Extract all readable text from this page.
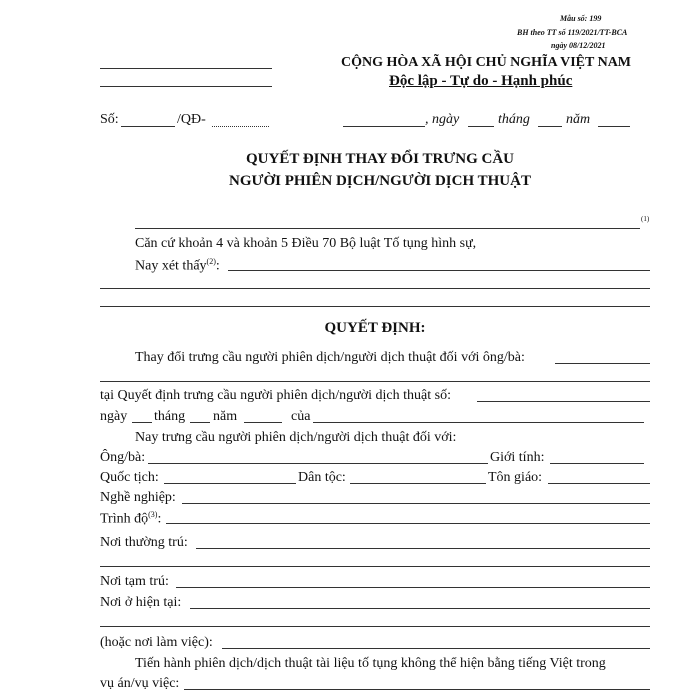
Mẫu số: 199
BH theo TT số 119/2021/TT-BCA
ngày 08/12/2021
CỘNG HÒA XÃ HỘI CHỦ NGHĨA VIỆT NAM
Độc lập - Tự do - Hạnh phúc
Số:	/QĐ-	, ngày	tháng	năm
QUYẾT ĐỊNH THAY ĐỔI TRƯNG CẦU
NGƯỜI PHIÊN DỊCH/NGƯỜI DỊCH THUẬT
(1)
Căn cứ khoản 4 và khoản 5 Điều 70 Bộ luật Tố tụng hình sự,
Nay xét thấy$^{(2)}$:
QUYẾT ĐỊNH:
Thay đổi trưng cầu người phiên dịch/người dịch thuật đối với ông/bà:
tại Quyết định trưng cầu người phiên dịch/người dịch thuật số:
ngày tháng năm	của
Nay trưng cầu người phiên dịch/người dịch thuật đối với:
Ông/bà:	Giới tính:
Quốc tịch:	Dân tộc:	Tôn giáo:
Nghề nghiệp:
Trình độ$^{(3)}$:
Nơi thường trú:
Nơi tạm trú:
Nơi ở hiện tại:
(hoặc nơi làm việc):
Tiến hành phiên dịch/dịch thuật tài liệu tố tụng không thể hiện bằng tiếng Việt trong
vụ án/vụ việc:
